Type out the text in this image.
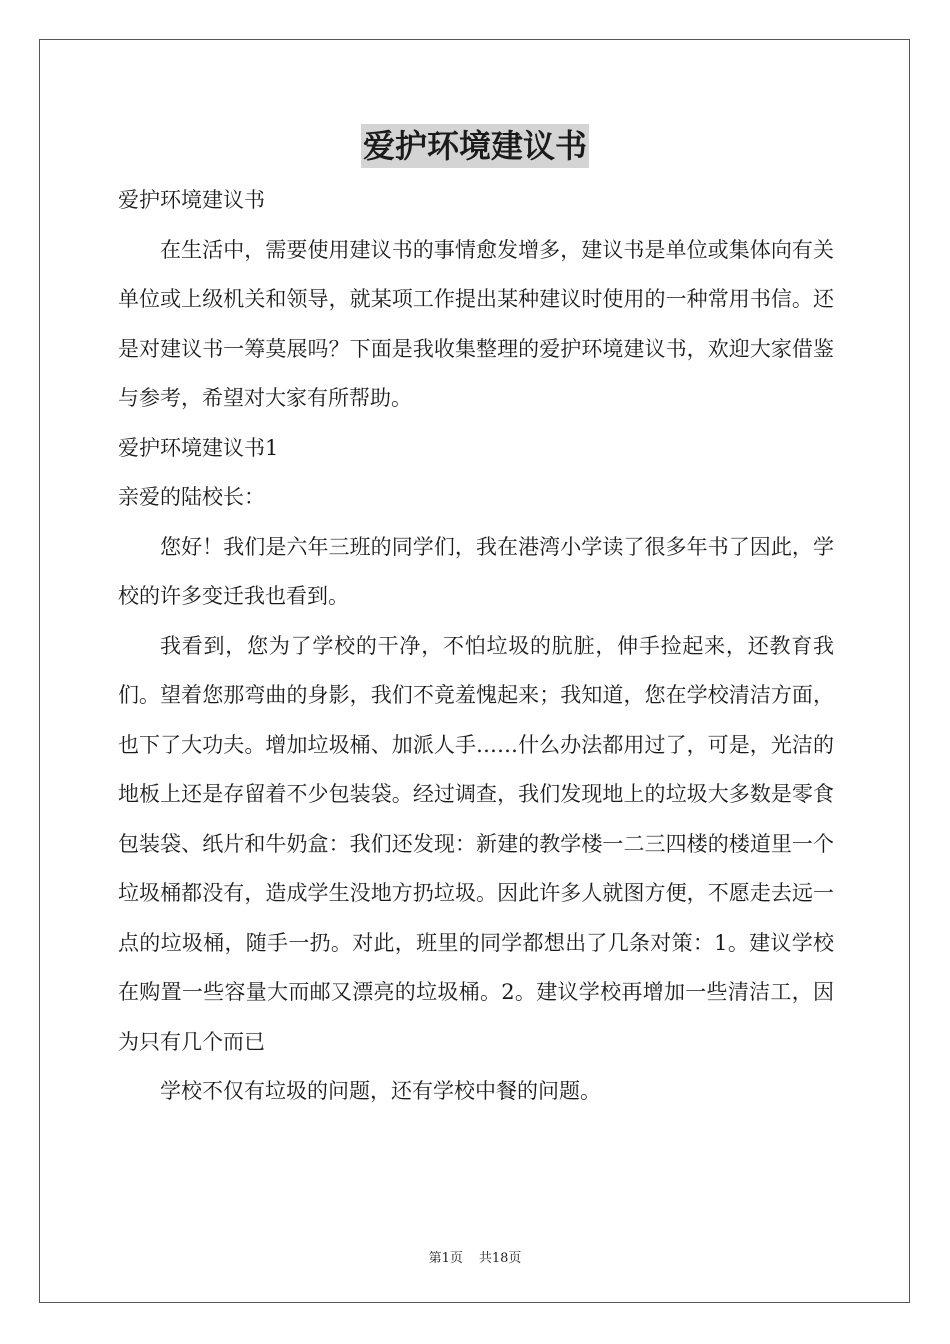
爱护环境建议书

爱护环境建议书

在生活中，需要使用建议书的事情愈发增多，建议书是单位或集体向有关单位或上级机关和领导，就某项工作提出某种建议时使用的一种常用书信。还是对建议书一筹莫展吗？下面是我收集整理的爱护环境建议书，欢迎大家借鉴与参考，希望对大家有所帮助。

爱护环境建议书1

亲爱的陆校长：

您好！我们是六年三班的同学们，我在港湾小学读了很多年书了因此，学校的许多变迁我也看到。

我看到，您为了学校的干净，不怕垃圾的肮脏，伸手捡起来，还教育我们。望着您那弯曲的身影，我们不竟羞愧起来；我知道，您在学校清洁方面，也下了大功夫。增加垃圾桶、加派人手……什么办法都用过了，可是，光洁的地板上还是存留着不少包装袋。经过调查，我们发现地上的垃圾大多数是零食包装袋、纸片和牛奶盒：我们还发现：新建的教学楼一二三四楼的楼道里一个垃圾桶都没有，造成学生没地方扔垃圾。因此许多人就图方便，不愿走去远一点的垃圾桶，随手一扔。对此，班里的同学都想出了几条对策：1。建议学校在购置一些容量大而邮又漂亮的垃圾桶。2。建议学校再增加一些清洁工，因为只有几个而已

学校不仅有垃圾的问题，还有学校中餐的问题。

第1页 共18页
